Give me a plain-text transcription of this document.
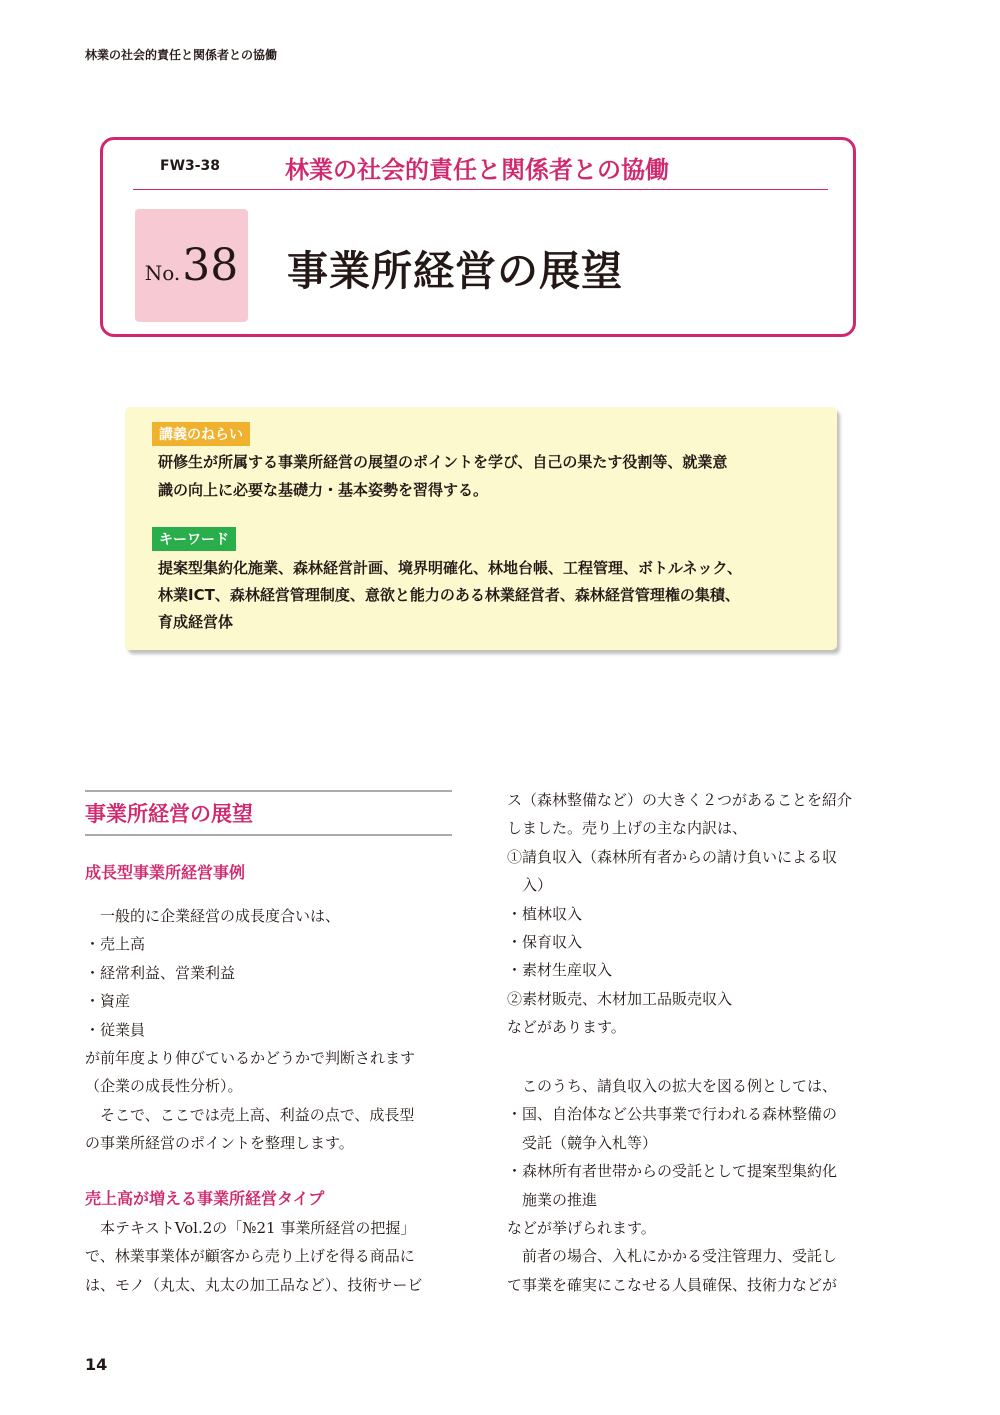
林業の社会的責任と関係者との協働
FW3-38	林業の社会的責任と関係者との協働
No. 38 事業所経営の展望
講義のねらい
研修生が所属する事業所経営の展望のポイントを学び、自己の果たす役割等、就業意
識の向上に必要な基礎力・基本姿勢を習得する。
キーワード
提案型集約化施業、森林経営計画、境界明確化、林地台帳、工程管理、ボトルネック、
林業ICT、森林経営管理制度、意欲と能力のある林業経営者、森林経営管理権の集積、
育成経営体
事業所経営の展望
成長型事業所経営事例
　一般的に企業経営の成長度合いは、
・売上高
・経常利益、営業利益
・資産
・従業員
が前年度より伸びているかどうかで判断されます
（企業の成長性分析）。
　そこで、ここでは売上高、利益の点で、成長型
の事業所経営のポイントを整理します。
売上高が増える事業所経営タイプ
　本テキストVol.2の「№21 事業所経営の把握」
で、林業事業体が顧客から売り上げを得る商品に
は、モノ（丸太、丸太の加工品など）、技術サービ
ス（森林整備など）の大きく２つがあることを紹介
しました。売り上げの主な内訳は、
①請負収入（森林所有者からの請け負いによる収
　入）
・植林収入
・保育収入
・素材生産収入
②素材販売、木材加工品販売収入
などがあります。
　このうち、請負収入の拡大を図る例としては、
・国、自治体など公共事業で行われる森林整備の
　受託（競争入札等）
・森林所有者世帯からの受託として提案型集約化
　施業の推進
などが挙げられます。
　前者の場合、入札にかかる受注管理力、受託し
て事業を確実にこなせる人員確保、技術力などが
14
